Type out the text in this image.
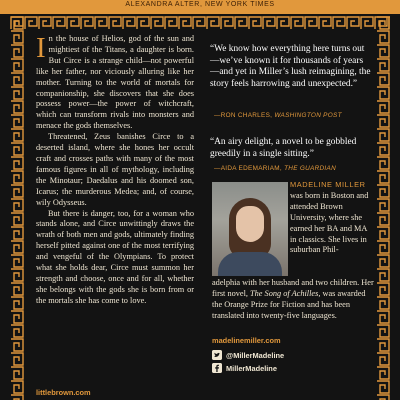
ALEXANDRA ALTER, NEW YORK TIMES

In the house of Helios, god of the sun and mightiest of the Titans, a daughter is born. But Circe is a strange child—not powerful like her father, nor viciously alluring like her mother. Turning to the world of mortals for companionship, she discovers that she does possess power—the power of witchcraft, which can transform rivals into monsters and menace the gods themselves.

Threatened, Zeus banishes Circe to a deserted island, where she hones her occult craft and crosses paths with many of the most famous figures in all of mythology, including the Minotaur; Daedalus and his doomed son, Icarus; the murderous Medea; and, of course, wily Odysseus.

But there is danger, too, for a woman who stands alone, and Circe unwittingly draws the wrath of both men and gods, ultimately finding herself pitted against one of the most terrifying and vengeful of the Olympians. To protect what she holds dear, Circe must summon her strength and choose, once and for all, whether she belongs with the gods she is born from or the mortals she has come to love.

“We know how everything here turns out—we’ve known it for thousands of years—and yet in Miller’s lush reimagining, the story feels harrowing and unexpected.”
—RON CHARLES, WASHINGTON POST
“An airy delight, a novel to be gobbled greedily in a single sitting.”
—AIDA EDEMARIAM, THE GUARDIAN
MADELINE MILLER was born in Boston and attended Brown University, where she earned her BA and MA in classics. She lives in suburban Phil-
adelphia with her husband and two children. Her first novel, The Song of Achilles, was awarded the Orange Prize for Fiction and has been translated into twenty-five languages.
madelinemiller.com
@MillerMadeline
MillerMadeline
littlebrown.com
